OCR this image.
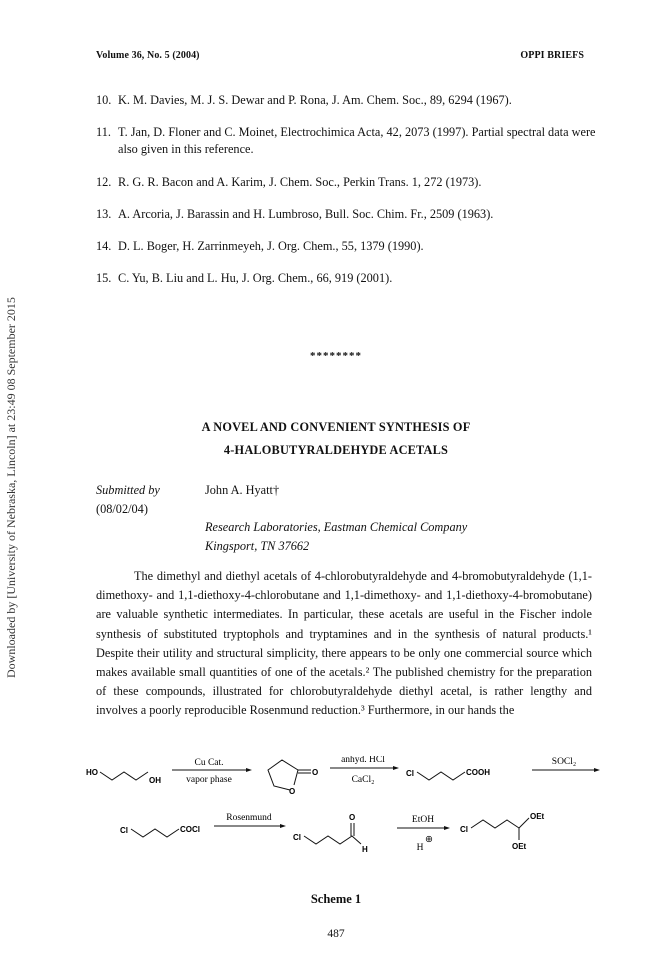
Volume 36, No. 5 (2004)	OPPI BRIEFS
10. K. M. Davies, M. J. S. Dewar and P. Rona, J. Am. Chem. Soc., 89, 6294 (1967).
11. T. Jan, D. Floner and C. Moinet, Electrochimica Acta, 42, 2073 (1997). Partial spectral data were also given in this reference.
12. R. G. R. Bacon and A. Karim, J. Chem. Soc., Perkin Trans. 1, 272 (1973).
13. A. Arcoria, J. Barassin and H. Lumbroso, Bull. Soc. Chim. Fr., 2509 (1963).
14. D. L. Boger, H. Zarrinmeyeh, J. Org. Chem., 55, 1379 (1990).
15. C. Yu, B. Liu and L. Hu, J. Org. Chem., 66, 919 (2001).
Downloaded by [University of Nebraska, Lincoln] at 23:49 08 September 2015	********
A NOVEL AND CONVENIENT SYNTHESIS OF
4-HALOBUTYRALDEHYDE ACETALS
Submitted by
(08/02/04)
John A. Hyatt†
Research Laboratories, Eastman Chemical Company
Kingsport, TN 37662

The dimethyl and diethyl acetals of 4-chlorobutyraldehyde and 4-bromobutyraldehyde (1,1-dimethoxy- and 1,1-diethoxy-4-chlorobutane and 1,1-dimethoxy- and 1,1-diethoxy-4-bromobutane) are valuable synthetic intermediates. In particular, these acetals are useful in the Fischer indole synthesis of substituted tryptophols and tryptamines and in the synthesis of natural products.¹ Despite their utility and structural simplicity, there appears to be only one commercial source which makes available small quantities of one of the acetals.² The published chemistry for the preparation of these compounds, illustrated for chlorobutyraldehyde diethyl acetal, is rather lengthy and involves a poorly reproducible Rosenmund reduction.³ Furthermore, in our hands the

HO
OH
Cu Cat.
vapor phase
O
O
anhyd. HCl
CaCl₂
Cl	COOH
SOCl₂
Cl	COCl
Rosenmund
Cl
O
H
EtOH
H
⊕
Cl
OEt
OEt
Scheme 1
487
